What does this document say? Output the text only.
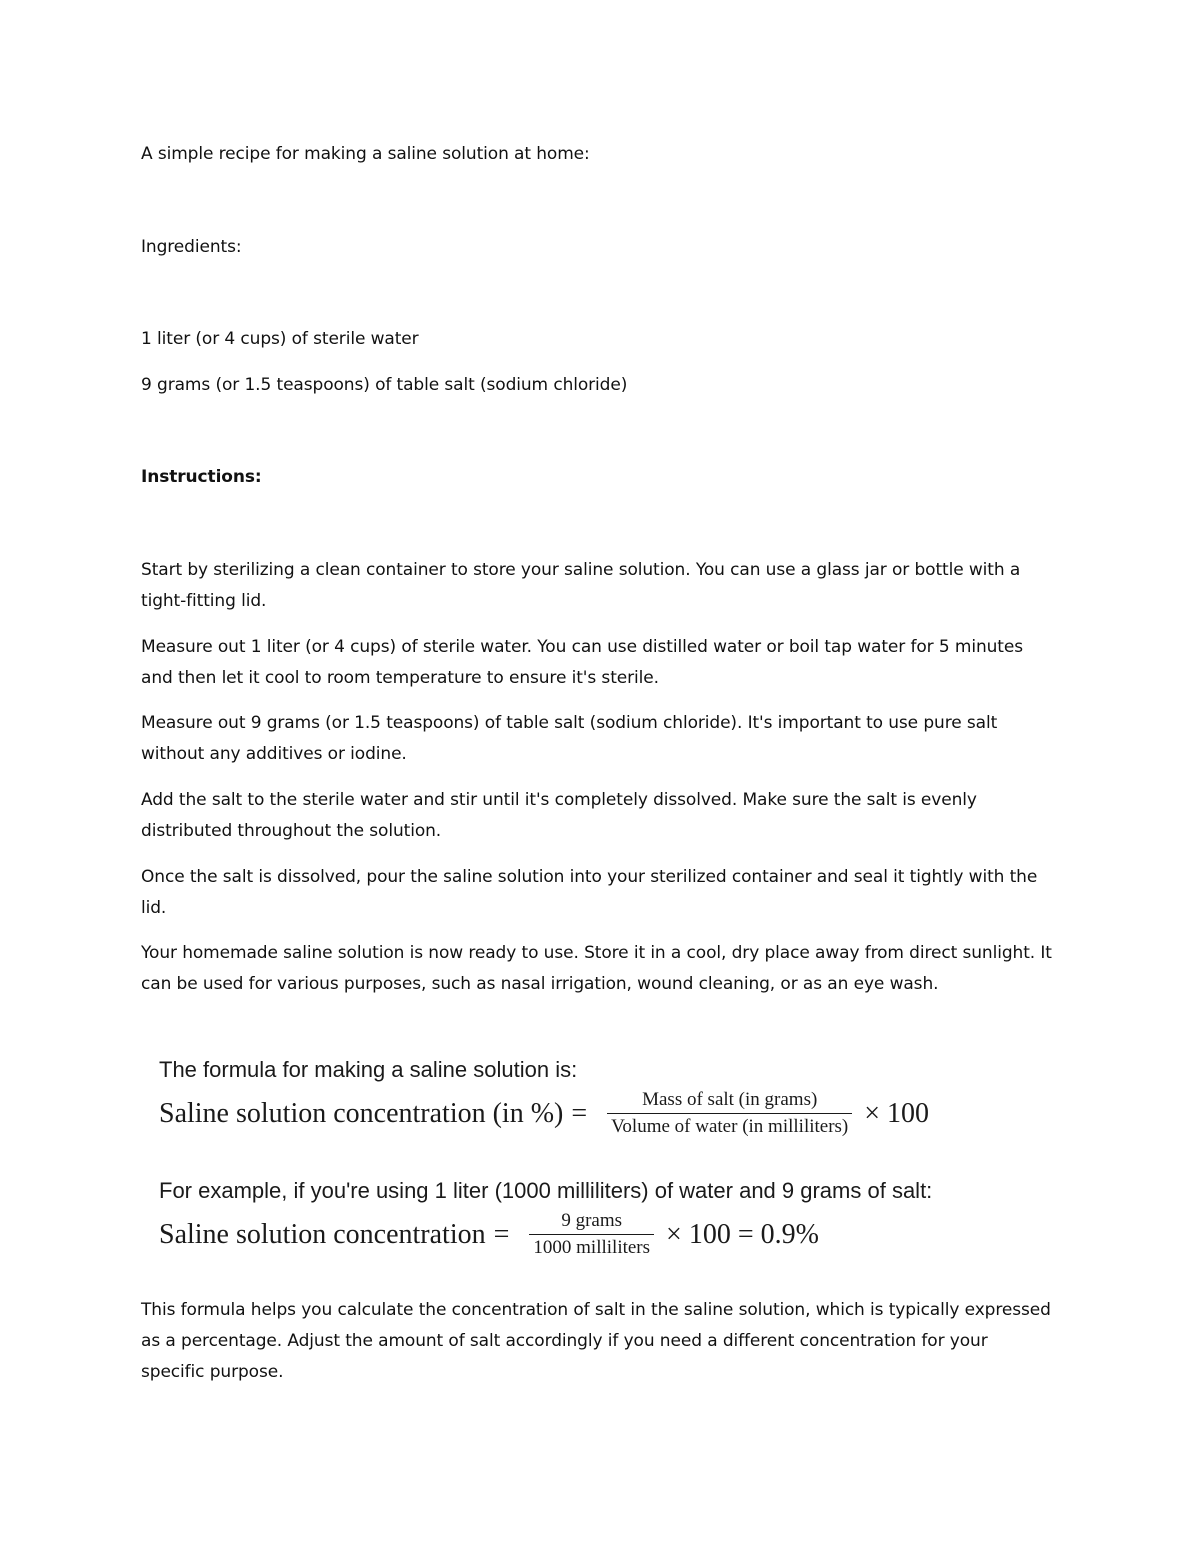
A simple recipe for making a saline solution at home:
Ingredients:
1 liter (or 4 cups) of sterile water
9 grams (or 1.5 teaspoons) of table salt (sodium chloride)
Instructions:
Start by sterilizing a clean container to store your saline solution. You can use a glass jar or bottle with a tight-fitting lid.
Measure out 1 liter (or 4 cups) of sterile water. You can use distilled water or boil tap water for 5 minutes and then let it cool to room temperature to ensure it's sterile.
Measure out 9 grams (or 1.5 teaspoons) of table salt (sodium chloride). It's important to use pure salt without any additives or iodine.
Add the salt to the sterile water and stir until it's completely dissolved. Make sure the salt is evenly distributed throughout the solution.
Once the salt is dissolved, pour the saline solution into your sterilized container and seal it tightly with the lid.
Your homemade saline solution is now ready to use. Store it in a cool, dry place away from direct sunlight. It can be used for various purposes, such as nasal irrigation, wound cleaning, or as an eye wash.
The formula for making a saline solution is:
Saline solution concentration (in %) = $\frac{\text{Mass of salt (in grams)}}{\text{Volume of water (in milliliters)}} \times 100$
For example, if you're using 1 liter (1000 milliliters) of water and 9 grams of salt:
Saline solution concentration = $\frac{\text{9 grams}}{\text{1000 milliliters}} \times 100 = 0.9\%$
This formula helps you calculate the concentration of salt in the saline solution, which is typically expressed as a percentage. Adjust the amount of salt accordingly if you need a different concentration for your specific purpose.
